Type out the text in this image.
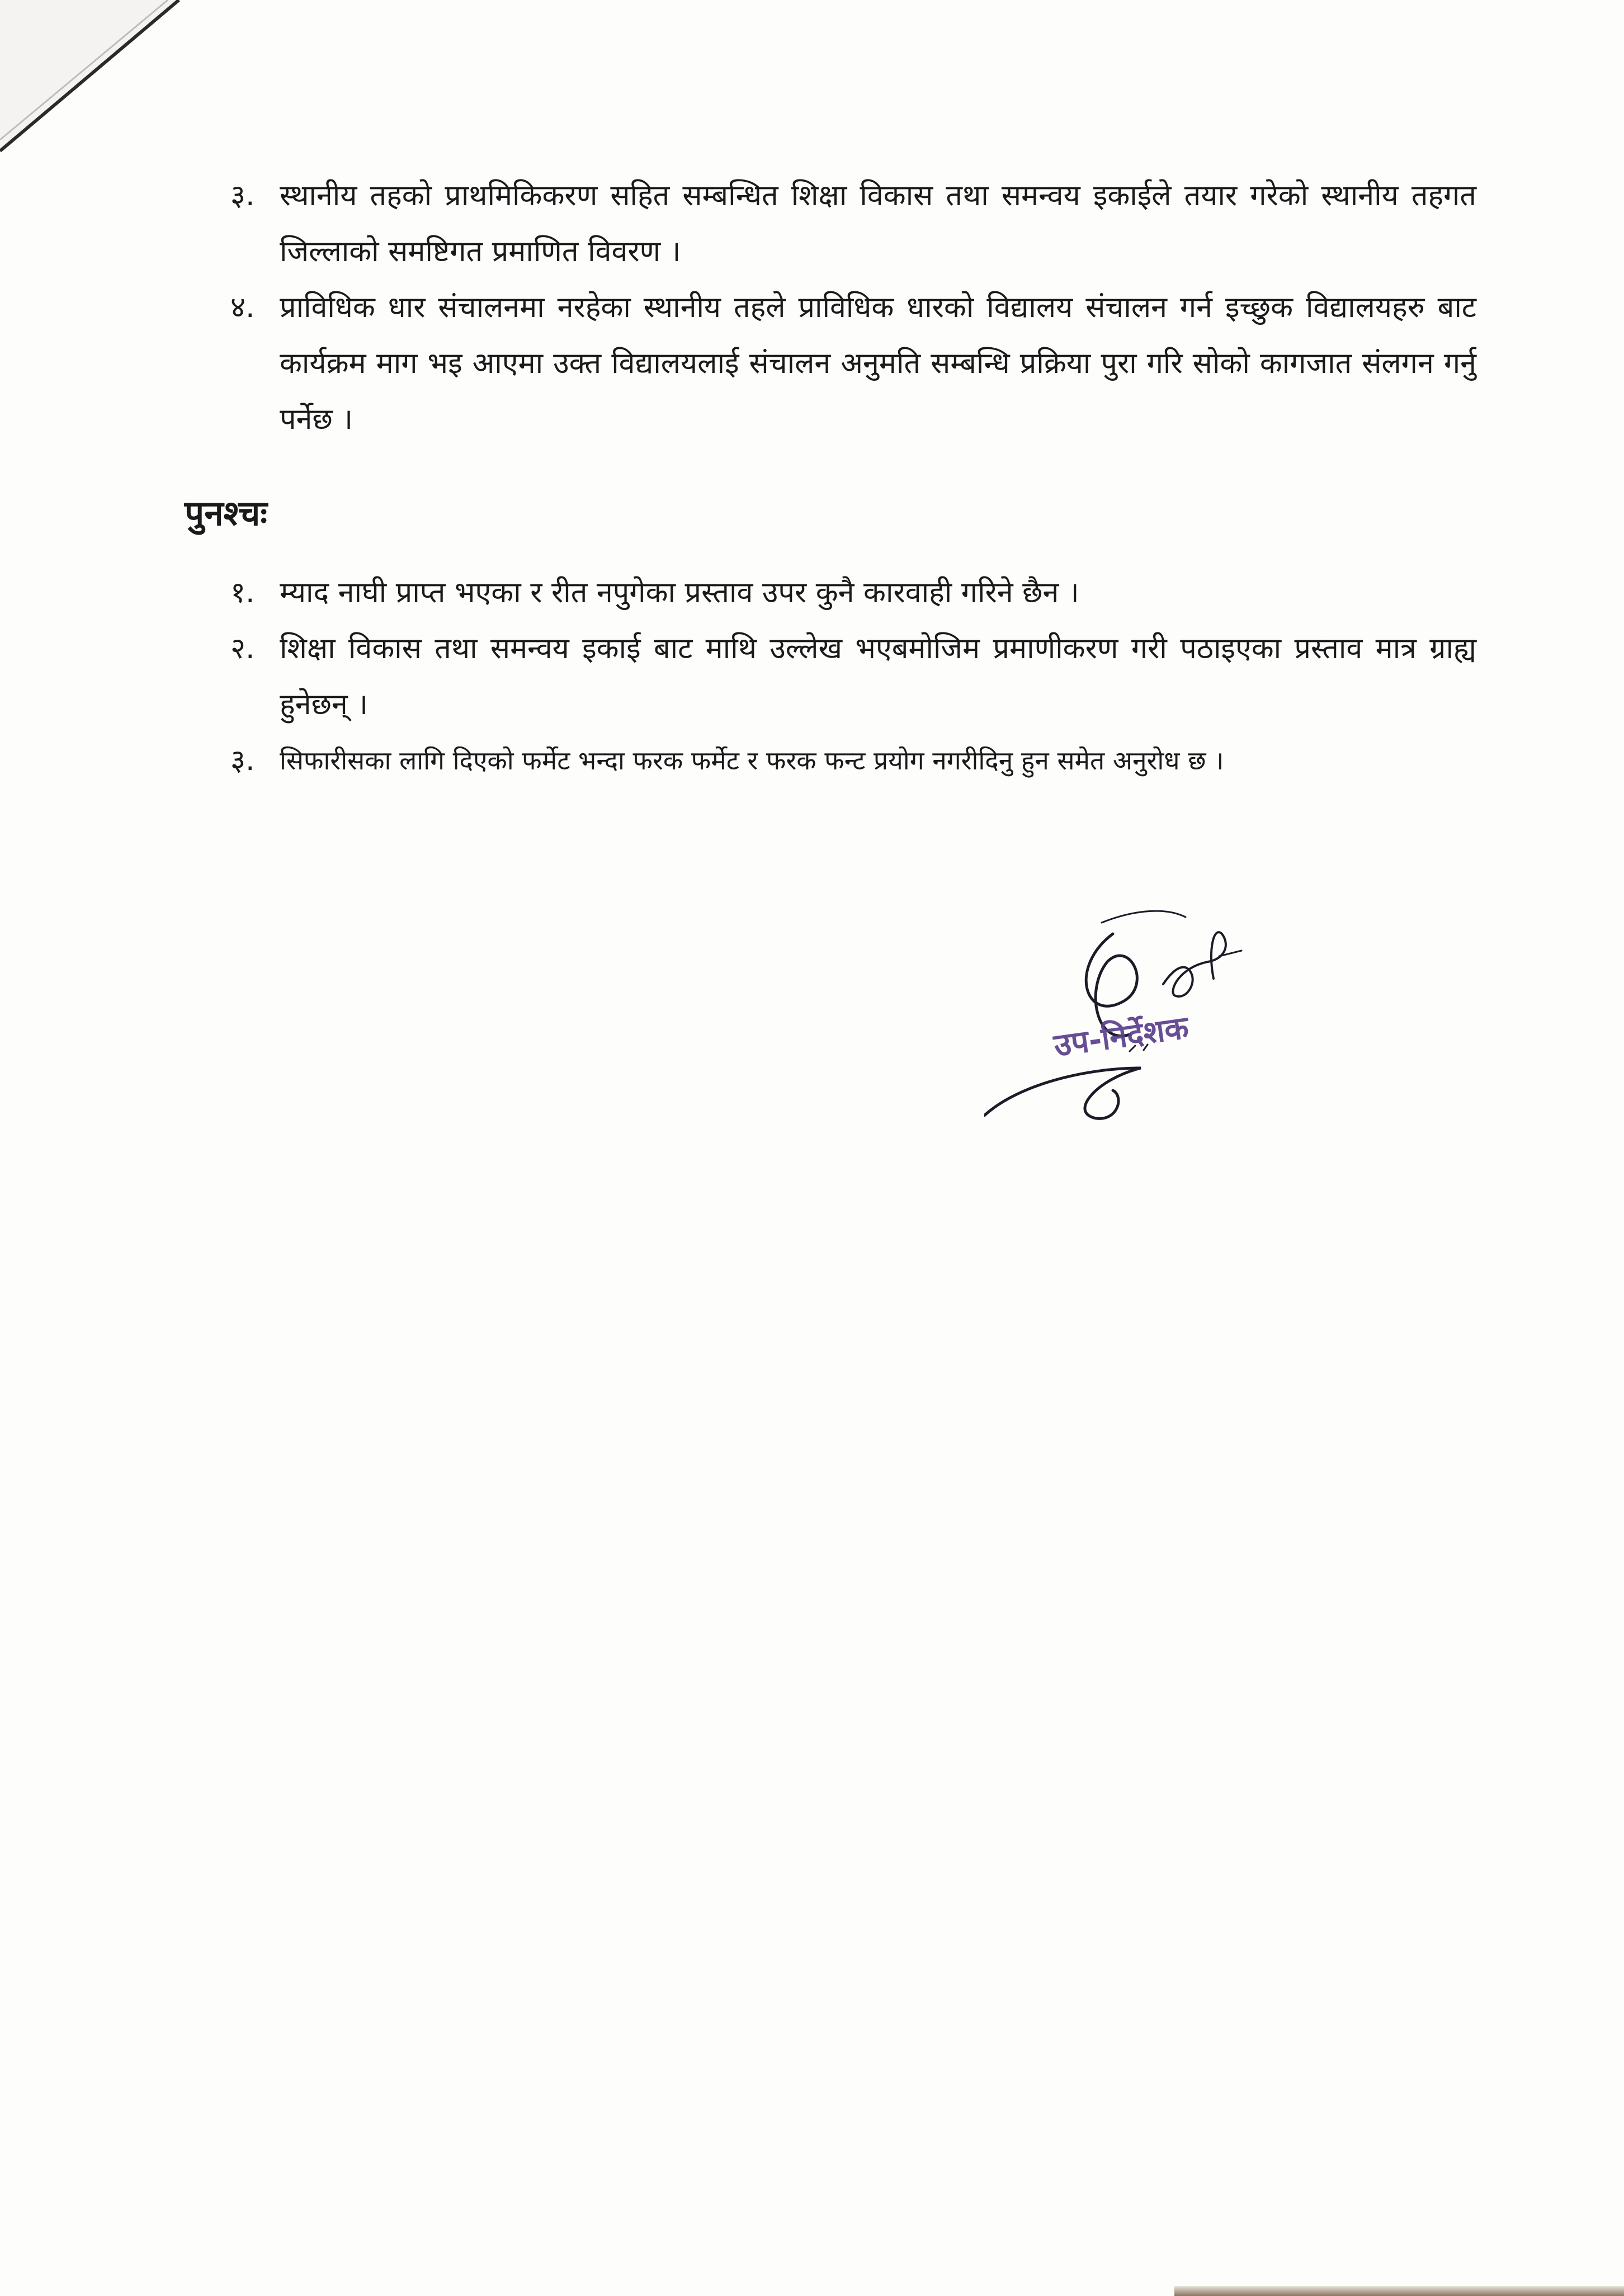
३. स्थानीय तहको प्राथमिकिकरण सहित सम्बन्धित शिक्षा विकास तथा समन्वय इकाईले तयार गरेको स्थानीय तहगत जिल्लाको समष्टिगत प्रमाणित विवरण ।
४. प्राविधिक धार संचालनमा नरहेका स्थानीय तहले प्राविधिक धारको विद्यालय संचालन गर्न इच्छुक विद्यालयहरु बाट कार्यक्रम माग भइ आएमा उक्त विद्यालयलाई संचालन अनुमति सम्बन्धि प्रक्रिया पुरा गरि सोको कागजात संलगन गर्नु पर्नेछ ।
पुनश्चः
१. म्याद नाघी प्राप्त भएका र रीत नपुगेका प्रस्ताव उपर कुनै कारवाही गरिने छैन ।
२. शिक्षा विकास तथा समन्वय इकाई बाट माथि उल्लेख भएबमोजिम प्रमाणीकरण गरी पठाइएका प्रस्ताव मात्र ग्राह्य हुनेछन् ।
३. सिफारीसका लागि दिएको फर्मेट भन्दा फरक फर्मेट र फरक फन्ट प्रयोग नगरीदिनु हुन समेत अनुरोध छ ।
उप-निर्देशक
